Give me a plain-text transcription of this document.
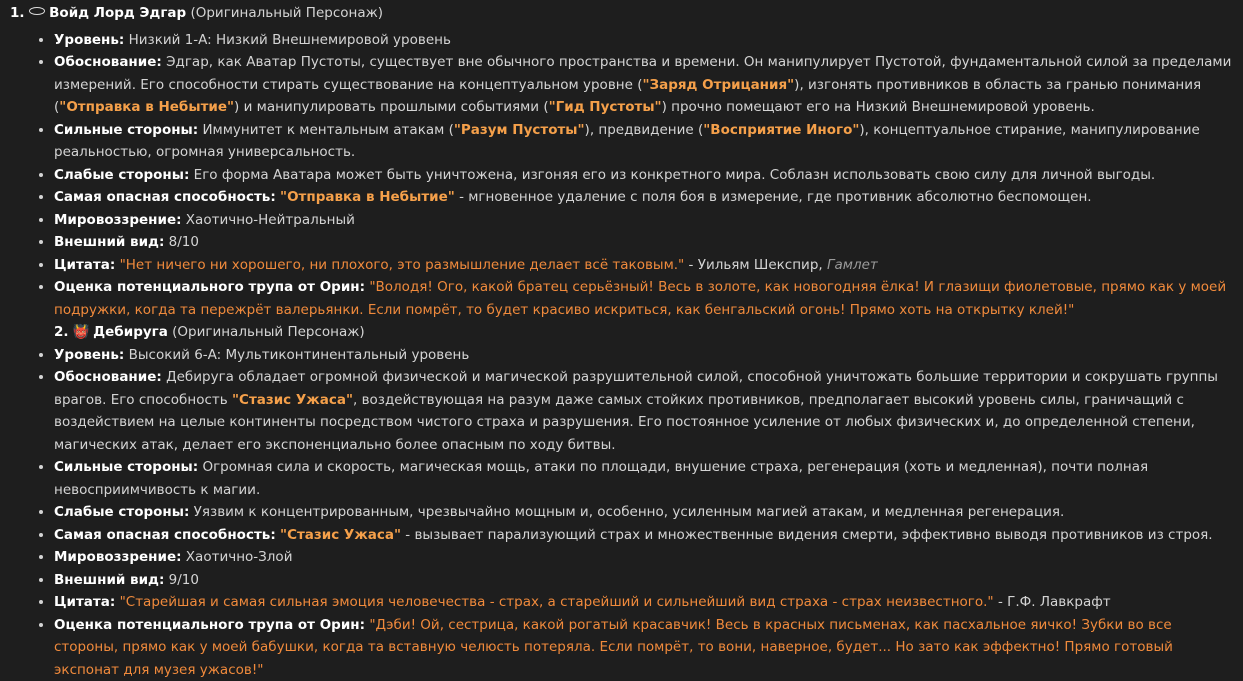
1. Войд Лорд Эдгар (Оригинальный Персонаж)
• Уровень: Низкий 1-A: Низкий Внешнемировой уровень
• Обоснование: Эдгар, как Аватар Пустоты, существует вне обычного пространства и времени. Он манипулирует Пустотой, фундаментальной силой за пределами измерений. Его способности стирать существование на концептуальном уровне ("Заряд Отрицания"), изгонять противников в область за гранью понимания ("Отправка в Небытие") и манипулировать прошлыми событиями ("Гид Пустоты") прочно помещают его на Низкий Внешнемировой уровень.
• Сильные стороны: Иммунитет к ментальным атакам ("Разум Пустоты"), предвидение ("Восприятие Иного"), концептуальное стирание, манипулирование реальностью, огромная универсальность.
• Слабые стороны: Его форма Аватара может быть уничтожена, изгоняя его из конкретного мира. Соблазн использовать свою силу для личной выгоды.
• Самая опасная способность: "Отправка в Небытие" - мгновенное удаление с поля боя в измерение, где противник абсолютно беспомощен.
• Мировоззрение: Хаотично-Нейтральный
• Внешний вид: 8/10
• Цитата: "Нет ничего ни хорошего, ни плохого, это размышление делает всё таковым." - Уильям Шекспир, Гамлет
• Оценка потенциального трупа от Орин: "Володя! Ого, какой братец серьёзный! Весь в золоте, как новогодняя ёлка! И глазищи фиолетовые, прямо как у моей подружки, когда та пережрёт валерьянки. Если помрёт, то будет красиво искриться, как бенгальский огонь! Прямо хоть на открытку клей!"
2. 👹 Дебируга (Оригинальный Персонаж)
• Уровень: Высокий 6-A: Мультиконтинентальный уровень
• Обоснование: Дебируга обладает огромной физической и магической разрушительной силой, способной уничтожать большие территории и сокрушать группы врагов. Его способность "Стазис Ужаса", воздействующая на разум даже самых стойких противников, предполагает высокий уровень силы, граничащий с воздействием на целые континенты посредством чистого страха и разрушения. Его постоянное усиление от любых физических и, до определенной степени, магических атак, делает его экспоненциально более опасным по ходу битвы.
• Сильные стороны: Огромная сила и скорость, магическая мощь, атаки по площади, внушение страха, регенерация (хоть и медленная), почти полная невосприимчивость к магии.
• Слабые стороны: Уязвим к концентрированным, чрезвычайно мощным и, особенно, усиленным магией атакам, и медленная регенерация.
• Самая опасная способность: "Стазис Ужаса" - вызывает парализующий страх и множественные видения смерти, эффективно выводя противников из строя.
• Мировоззрение: Хаотично-Злой
• Внешний вид: 9/10
• Цитата: "Старейшая и самая сильная эмоция человечества - страх, а старейший и сильнейший вид страха - страх неизвестного." - Г.Ф. Лавкрафт
• Оценка потенциального трупа от Орин: "Дэби! Ой, сестрица, какой рогатый красавчик! Весь в красных письменах, как пасхальное яичко! Зубки во все стороны, прямо как у моей бабушки, когда та вставную челюсть потеряла. Если помрёт, то вони, наверное, будет... Но зато как эффектно! Прямо готовый экспонат для музея ужасов!"
